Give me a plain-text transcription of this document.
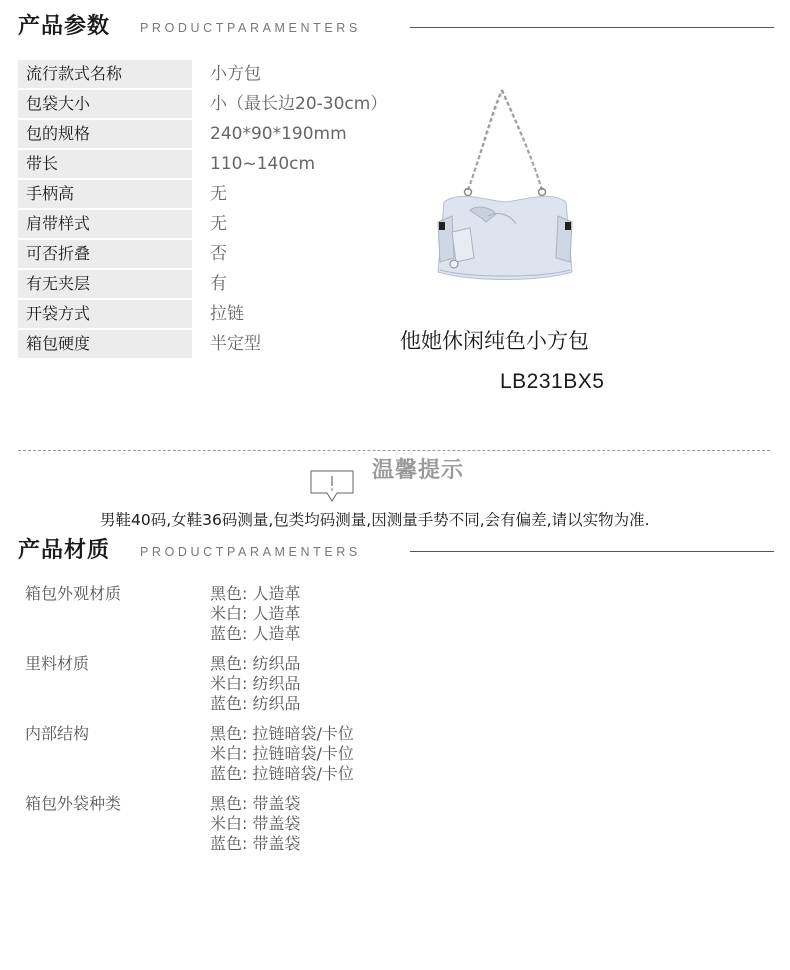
产品参数 PRODUCTPARAMENTERS
流行款式名称	小方包
包袋大小	小（最长边20-30cm）
包的规格	240*90*190mm
带长	110~140cm
手柄高	无
肩带样式	无
可否折叠	否
有无夹层	有
开袋方式	拉链
箱包硬度	半定型	他她休闲纯色小方包
LB231BX5
温馨提示
男鞋40码,女鞋36码测量,包类均码测量,因测量手势不同,会有偏差,请以实物为准.
产品材质 PRODUCTPARAMENTERS
箱包外观材质	黑色: 人造革
米白: 人造革
蓝色: 人造革
里料材质	黑色: 纺织品
米白: 纺织品
蓝色: 纺织品
内部结构	黑色: 拉链暗袋/卡位
米白: 拉链暗袋/卡位
蓝色: 拉链暗袋/卡位
箱包外袋种类	黑色: 带盖袋
米白: 带盖袋
蓝色: 带盖袋
